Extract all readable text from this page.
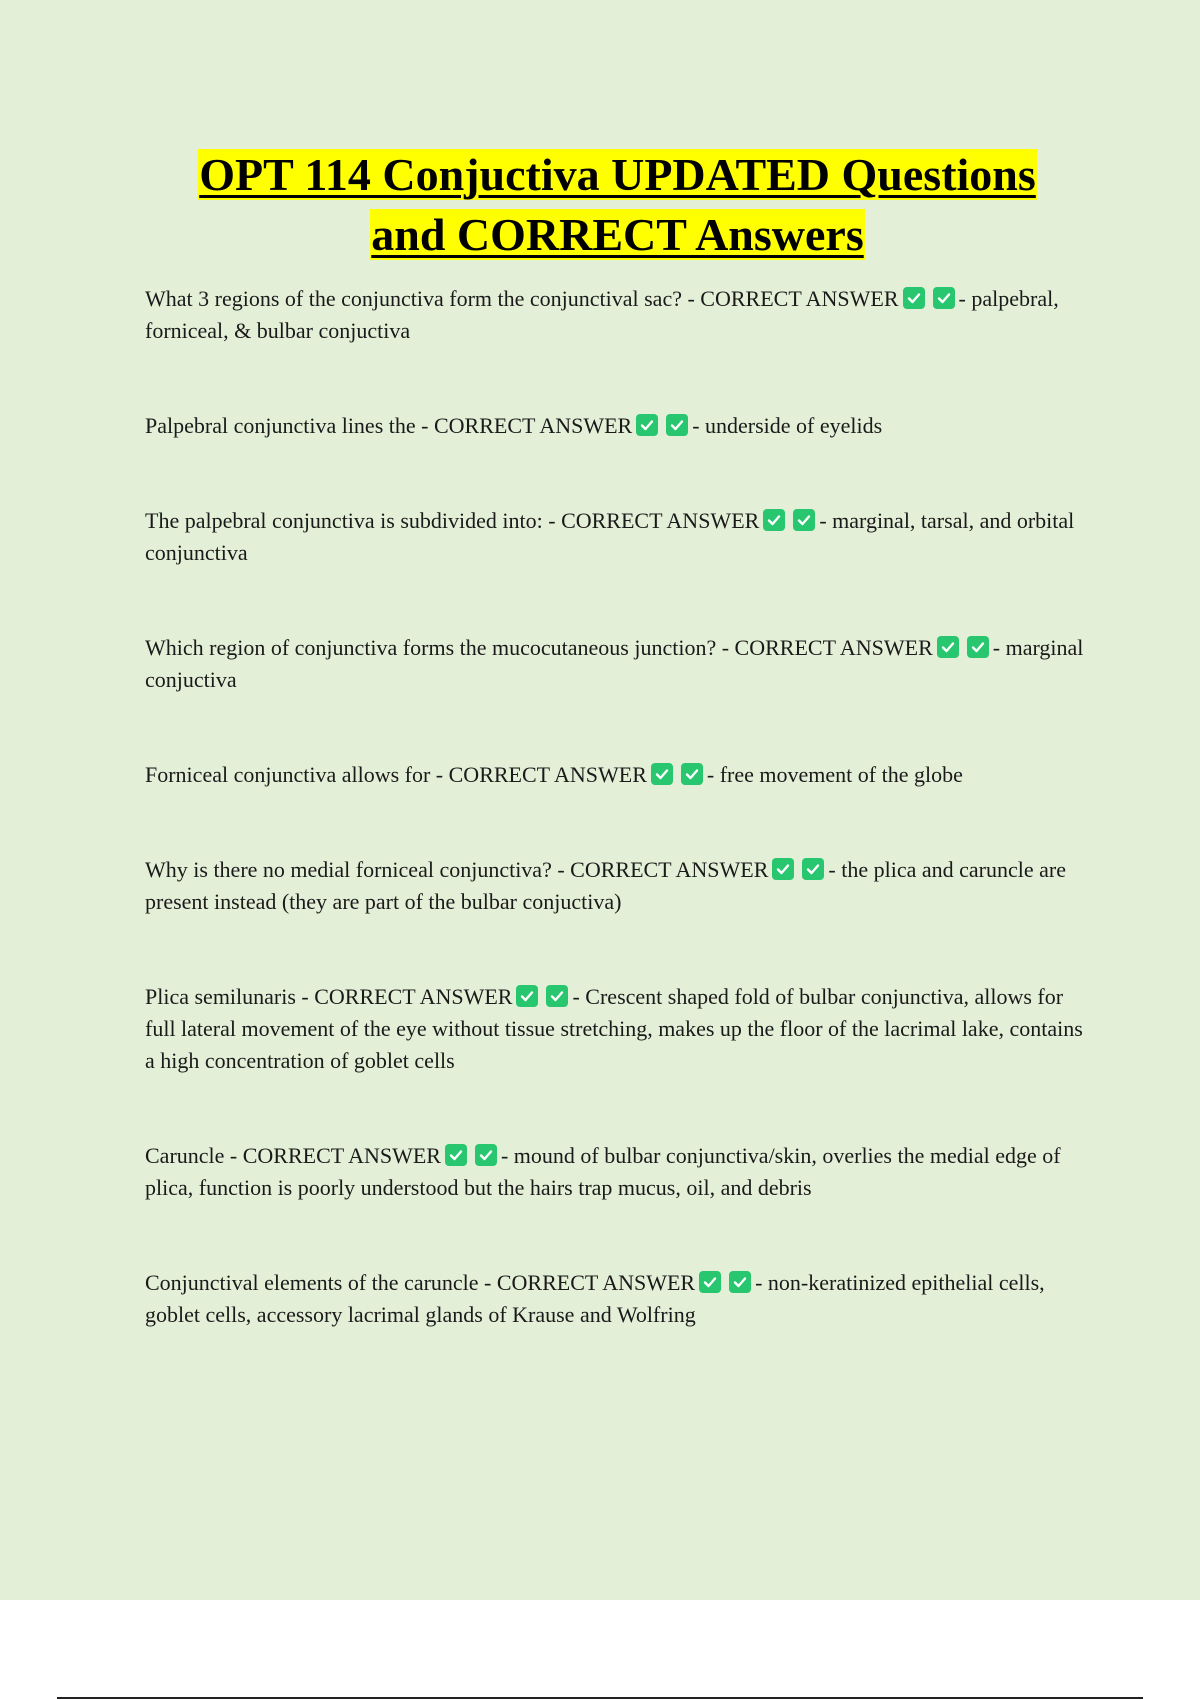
OPT 114 Conjuctiva UPDATED Questions
and CORRECT Answers
What 3 regions of the conjunctiva form the conjunctival sac? - CORRECT ANSWER	- palpebral, forniceal, & bulbar conjuctiva
Palpebral conjunctiva lines the - CORRECT ANSWER	- underside of eyelids
The palpebral conjunctiva is subdivided into: - CORRECT ANSWER	- marginal, tarsal, and orbital conjunctiva
Which region of conjunctiva forms the mucocutaneous junction? - CORRECT ANSWER	- marginal conjuctiva
Forniceal conjunctiva allows for - CORRECT ANSWER	- free movement of the globe
Why is there no medial forniceal conjunctiva? - CORRECT ANSWER	- the plica and caruncle are present instead (they are part of the bulbar conjuctiva)
Plica semilunaris - CORRECT ANSWER	- Crescent shaped fold of bulbar conjunctiva, allows for full lateral movement of the eye without tissue stretching, makes up the floor of the lacrimal lake, contains a high concentration of goblet cells
Caruncle - CORRECT ANSWER	- mound of bulbar conjunctiva/skin, overlies the medial edge of plica, function is poorly understood but the hairs trap mucus, oil, and debris
Conjunctival elements of the caruncle - CORRECT ANSWER	- non-keratinized epithelial cells, goblet cells, accessory lacrimal glands of Krause and Wolfring
